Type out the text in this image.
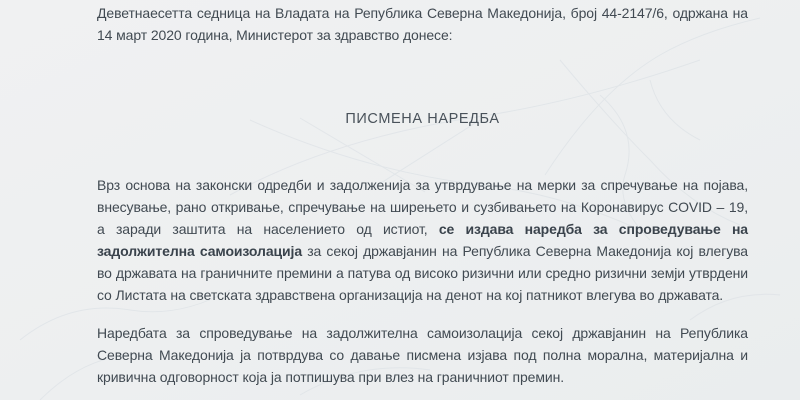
Деветнаесетта седница на Владата на Република Северна Македонија, број 44-2147/6, одржана на 14 март 2020 година, Министерот за здравство донесе:

ПИСМЕНА НАРЕДБА

Врз основа на законски одредби и задолженија за утврдување на мерки за спречување на појава, внесување, рано откривање, спречување на ширењето и сузбивањето на Коронавирус COVID – 19, а заради заштита на населението од истиот, се издава наредба за спроведување на задолжителна самоизолација за секој државјанин на Република Северна Македонија кој влегува во државата на граничните премини а патува од високо ризични или средно ризични земји утврдени со Листата на светската здравствена организација на денот на кој патникот влегува во државата.

Наредбата за спроведување на задолжителна самоизолација секој државјанин на Република Северна Македонија ја потврдува со давање писмена изјава под полна морална, материјална и кривична одговорност која ја потпишува при влез на граничниот премин.
